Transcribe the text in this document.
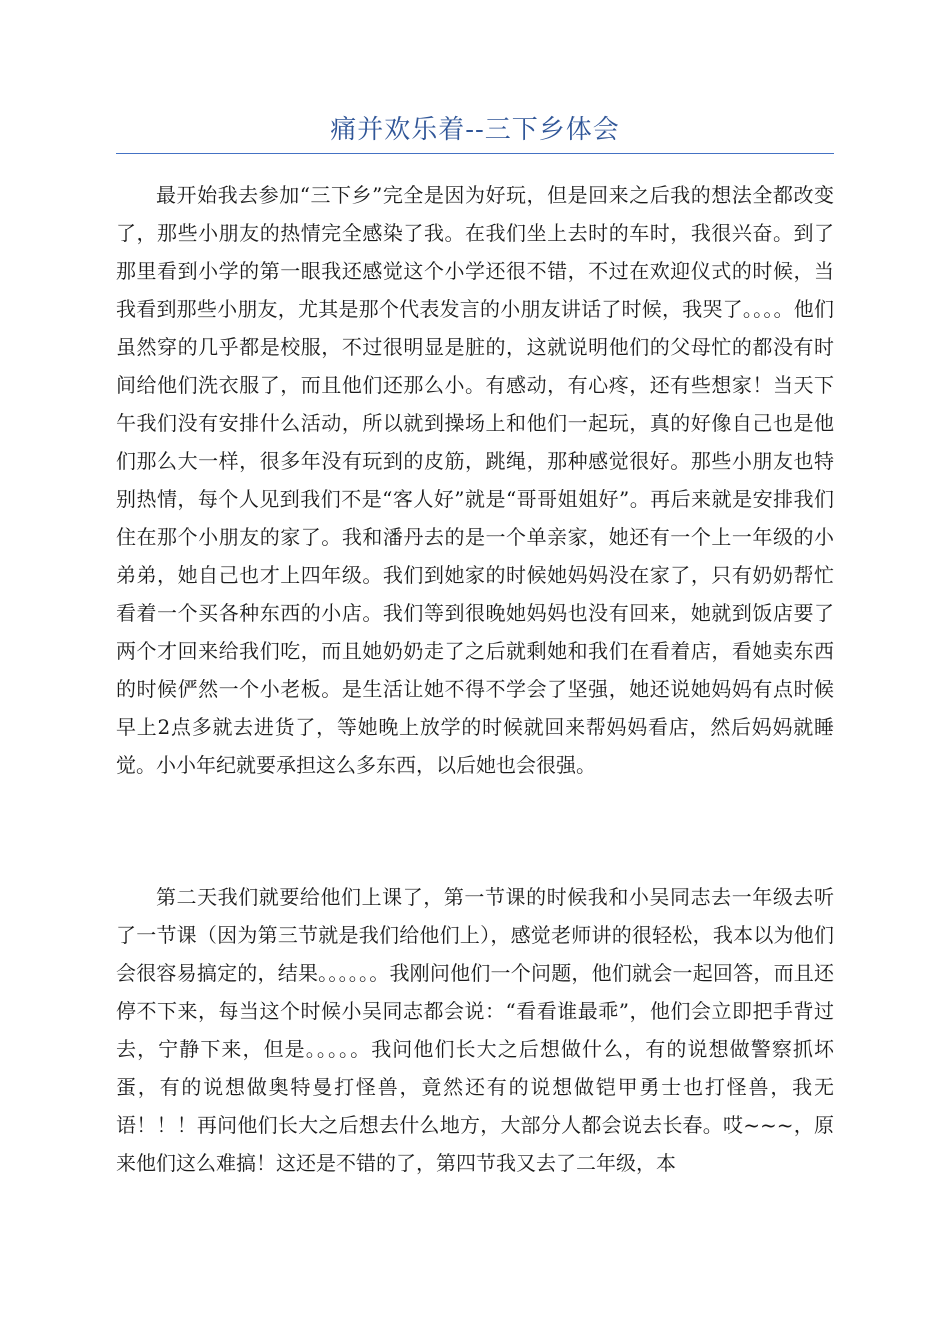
痛并欢乐着--三下乡体会

最开始我去参加“三下乡”完全是因为好玩，但是回来之后我的想法全都改变了，那些小朋友的热情完全感染了我。在我们坐上去时的车时，我很兴奋。到了那里看到小学的第一眼我还感觉这个小学还很不错，不过在欢迎仪式的时候，当我看到那些小朋友，尤其是那个代表发言的小朋友讲话了时候，我哭了。。。。他们虽然穿的几乎都是校服，不过很明显是脏的，这就说明他们的父母忙的都没有时间给他们洗衣服了，而且他们还那么小。有感动，有心疼，还有些想家！当天下午我们没有安排什么活动，所以就到操场上和他们一起玩，真的好像自己也是他们那么大一样，很多年没有玩到的皮筋，跳绳，那种感觉很好。那些小朋友也特别热情，每个人见到我们不是“客人好”就是“哥哥姐姐好”。再后来就是安排我们住在那个小朋友的家了。我和潘丹去的是一个单亲家，她还有一个上一年级的小弟弟，她自己也才上四年级。我们到她家的时候她妈妈没在家了，只有奶奶帮忙看着一个买各种东西的小店。我们等到很晚她妈妈也没有回来，她就到饭店要了两个才回来给我们吃，而且她奶奶走了之后就剩她和我们在看着店，看她卖东西的时候俨然一个小老板。是生活让她不得不学会了坚强，她还说她妈妈有点时候早上2点多就去进货了，等她晚上放学的时候就回来帮妈妈看店，然后妈妈就睡觉。小小年纪就要承担这么多东西，以后她也会很强。

第二天我们就要给他们上课了，第一节课的时候我和小吴同志去一年级去听了一节课（因为第三节就是我们给他们上），感觉老师讲的很轻松，我本以为他们会很容易搞定的，结果。。。。。。我刚问他们一个问题，他们就会一起回答，而且还停不下来，每当这个时候小吴同志都会说：“看看谁最乖”，他们会立即把手背过去，宁静下来，但是。。。。。我问他们长大之后想做什么，有的说想做警察抓坏蛋，有的说想做奥特曼打怪兽，竟然还有的说想做铠甲勇士也打怪兽，我无语！！！再问他们长大之后想去什么地方，大部分人都会说去长春。哎~~~，原来他们这么难搞！这还是不错的了，第四节我又去了二年级，本
